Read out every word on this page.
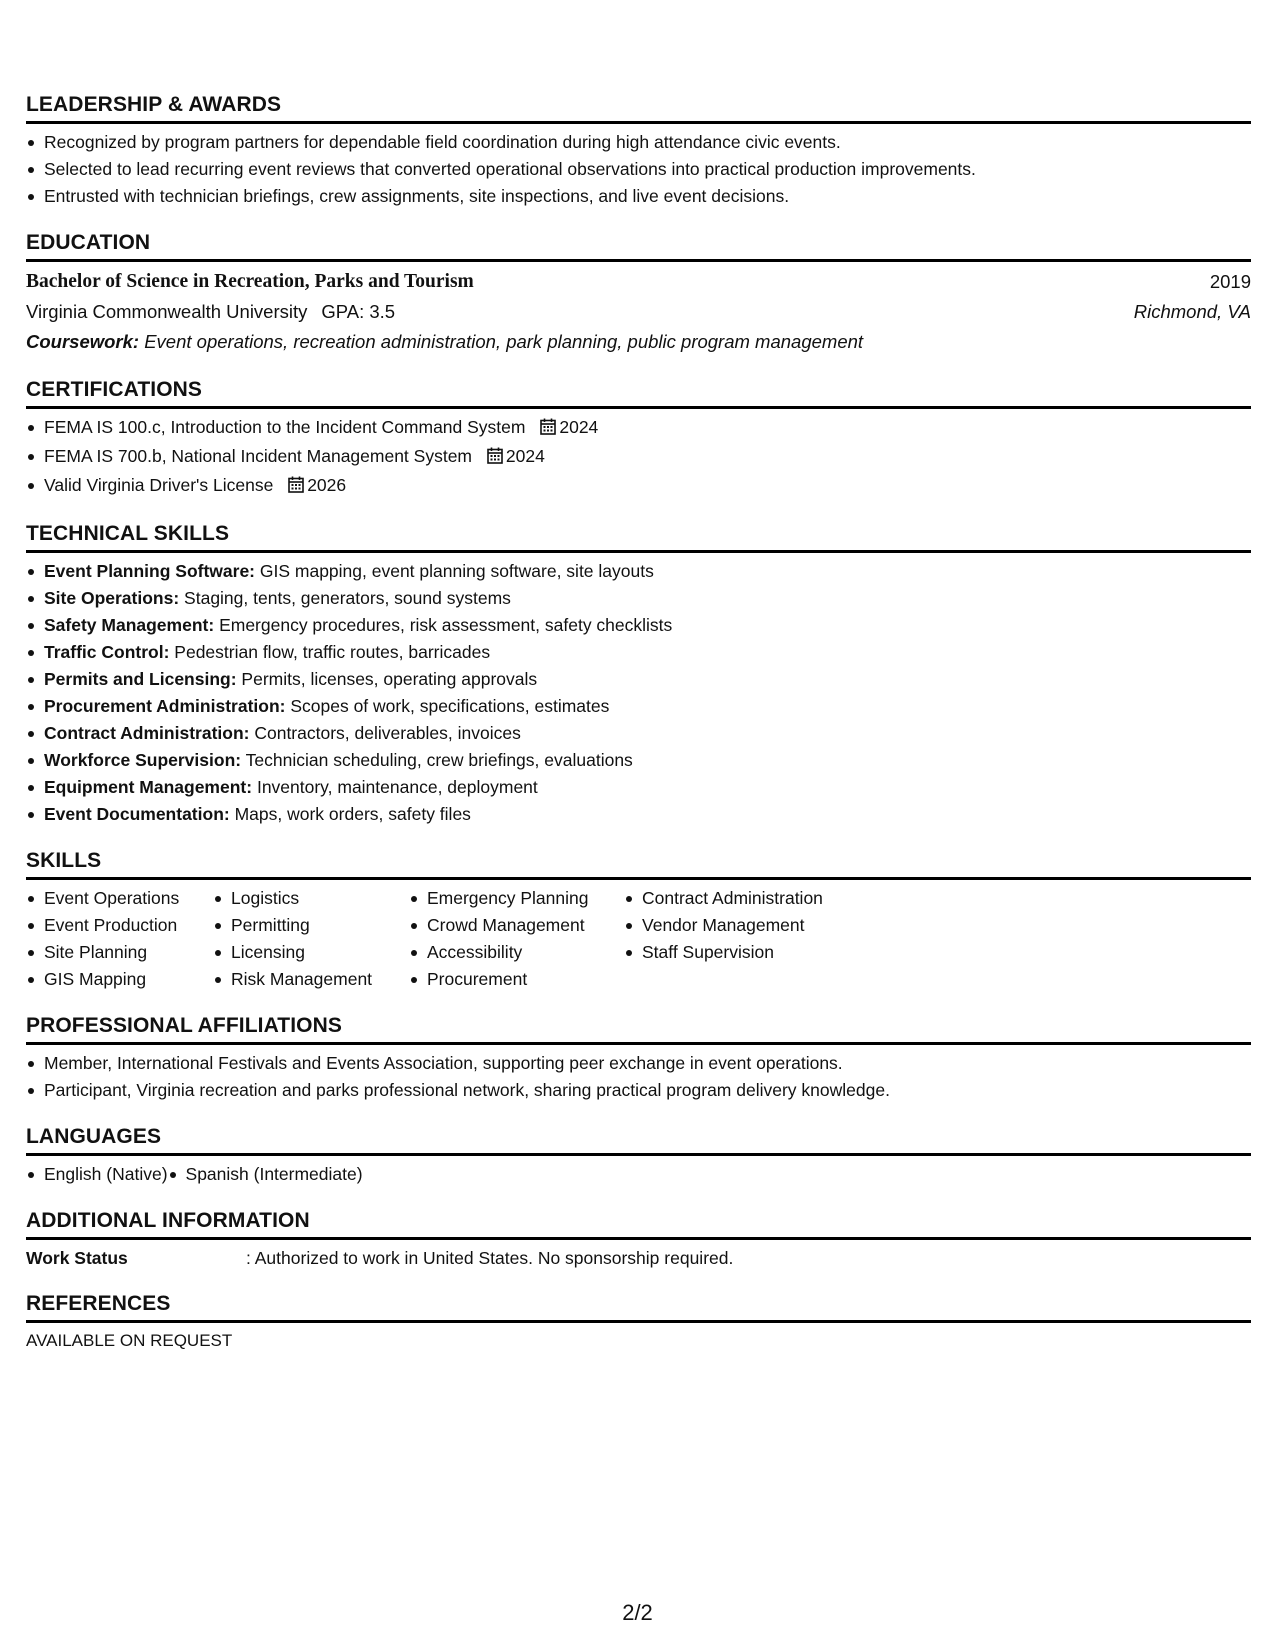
LEADERSHIP & AWARDS
Recognized by program partners for dependable field coordination during high attendance civic events.
Selected to lead recurring event reviews that converted operational observations into practical production improvements.
Entrusted with technician briefings, crew assignments, site inspections, and live event decisions.
EDUCATION
Bachelor of Science in Recreation, Parks and Tourism	2019
Virginia Commonwealth University GPA: 3.5	Richmond, VA
Coursework: Event operations, recreation administration, park planning, public program management
CERTIFICATIONS
FEMA IS 100.c, Introduction to the Incident Command System 2024
FEMA IS 700.b, National Incident Management System 2024
Valid Virginia Driver's License 2026
TECHNICAL SKILLS
Event Planning Software: GIS mapping, event planning software, site layouts
Site Operations: Staging, tents, generators, sound systems
Safety Management: Emergency procedures, risk assessment, safety checklists
Traffic Control: Pedestrian flow, traffic routes, barricades
Permits and Licensing: Permits, licenses, operating approvals
Procurement Administration: Scopes of work, specifications, estimates
Contract Administration: Contractors, deliverables, invoices
Workforce Supervision: Technician scheduling, crew briefings, evaluations
Equipment Management: Inventory, maintenance, deployment
Event Documentation: Maps, work orders, safety files
SKILLS
Event Operations
Event Production
Site Planning
GIS Mapping
Logistics
Permitting
Licensing
Risk Management
Emergency Planning
Crowd Management
Accessibility
Procurement
Contract Administration
Vendor Management
Staff Supervision
PROFESSIONAL AFFILIATIONS
Member, International Festivals and Events Association, supporting peer exchange in event operations.
Participant, Virginia recreation and parks professional network, sharing practical program delivery knowledge.
LANGUAGES
English (Native)	Spanish (Intermediate)
ADDITIONAL INFORMATION
Work Status	: Authorized to work in United States. No sponsorship required.
REFERENCES
AVAILABLE ON REQUEST
2/2
